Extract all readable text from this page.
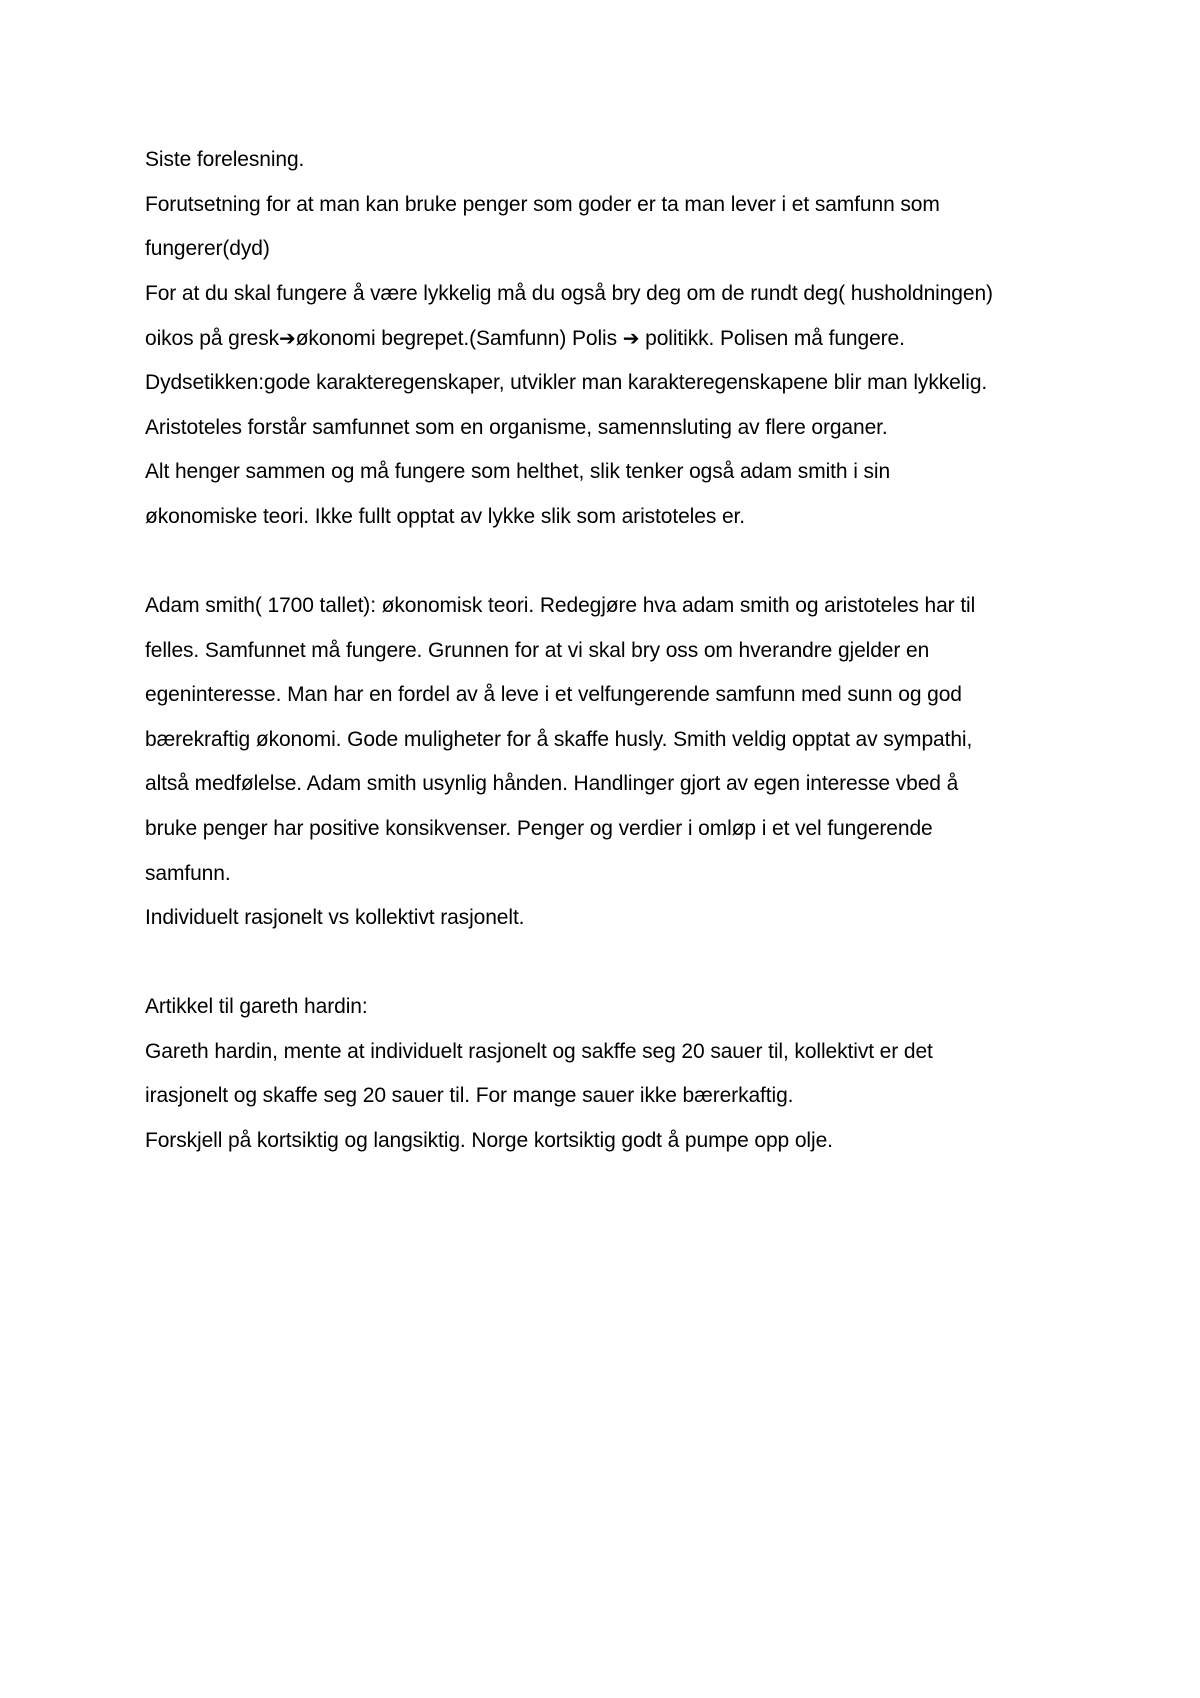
Siste forelesning.
Forutsetning for at man kan bruke penger som goder er ta man lever i et samfunn som
fungerer(dyd)
For at du skal fungere å være lykkelig må du også bry deg om de rundt deg( husholdningen)
oikos på gresk➔økonomi begrepet.(Samfunn) Polis ➔ politikk. Polisen må fungere.
Dydsetikken:gode karakteregenskaper, utvikler man karakteregenskapene blir man lykkelig.
Aristoteles forstår samfunnet som en organisme, samennsluting av flere organer.
Alt henger sammen og må fungere som helthet, slik tenker også adam smith i sin
økonomiske teori. Ikke fullt opptat av lykke slik som aristoteles er.
Adam smith( 1700 tallet): økonomisk teori. Redegjøre hva adam smith og aristoteles har til
felles. Samfunnet må fungere. Grunnen for at vi skal bry oss om hverandre gjelder en
egeninteresse. Man har en fordel av å leve i et velfungerende samfunn med sunn og god
bærekraftig økonomi. Gode muligheter for å skaffe husly. Smith veldig opptat av sympathi,
altså medfølelse. Adam smith usynlig hånden. Handlinger gjort av egen interesse vbed å
bruke penger har positive konsikvenser. Penger og verdier i omløp i et vel fungerende
samfunn.
Individuelt rasjonelt vs kollektivt rasjonelt.
Artikkel til gareth hardin:
Gareth hardin, mente at individuelt rasjonelt og sakffe seg 20 sauer til, kollektivt er det
irasjonelt og skaffe seg 20 sauer til. For mange sauer ikke bærerkaftig.
Forskjell på kortsiktig og langsiktig. Norge kortsiktig godt å pumpe opp olje.
